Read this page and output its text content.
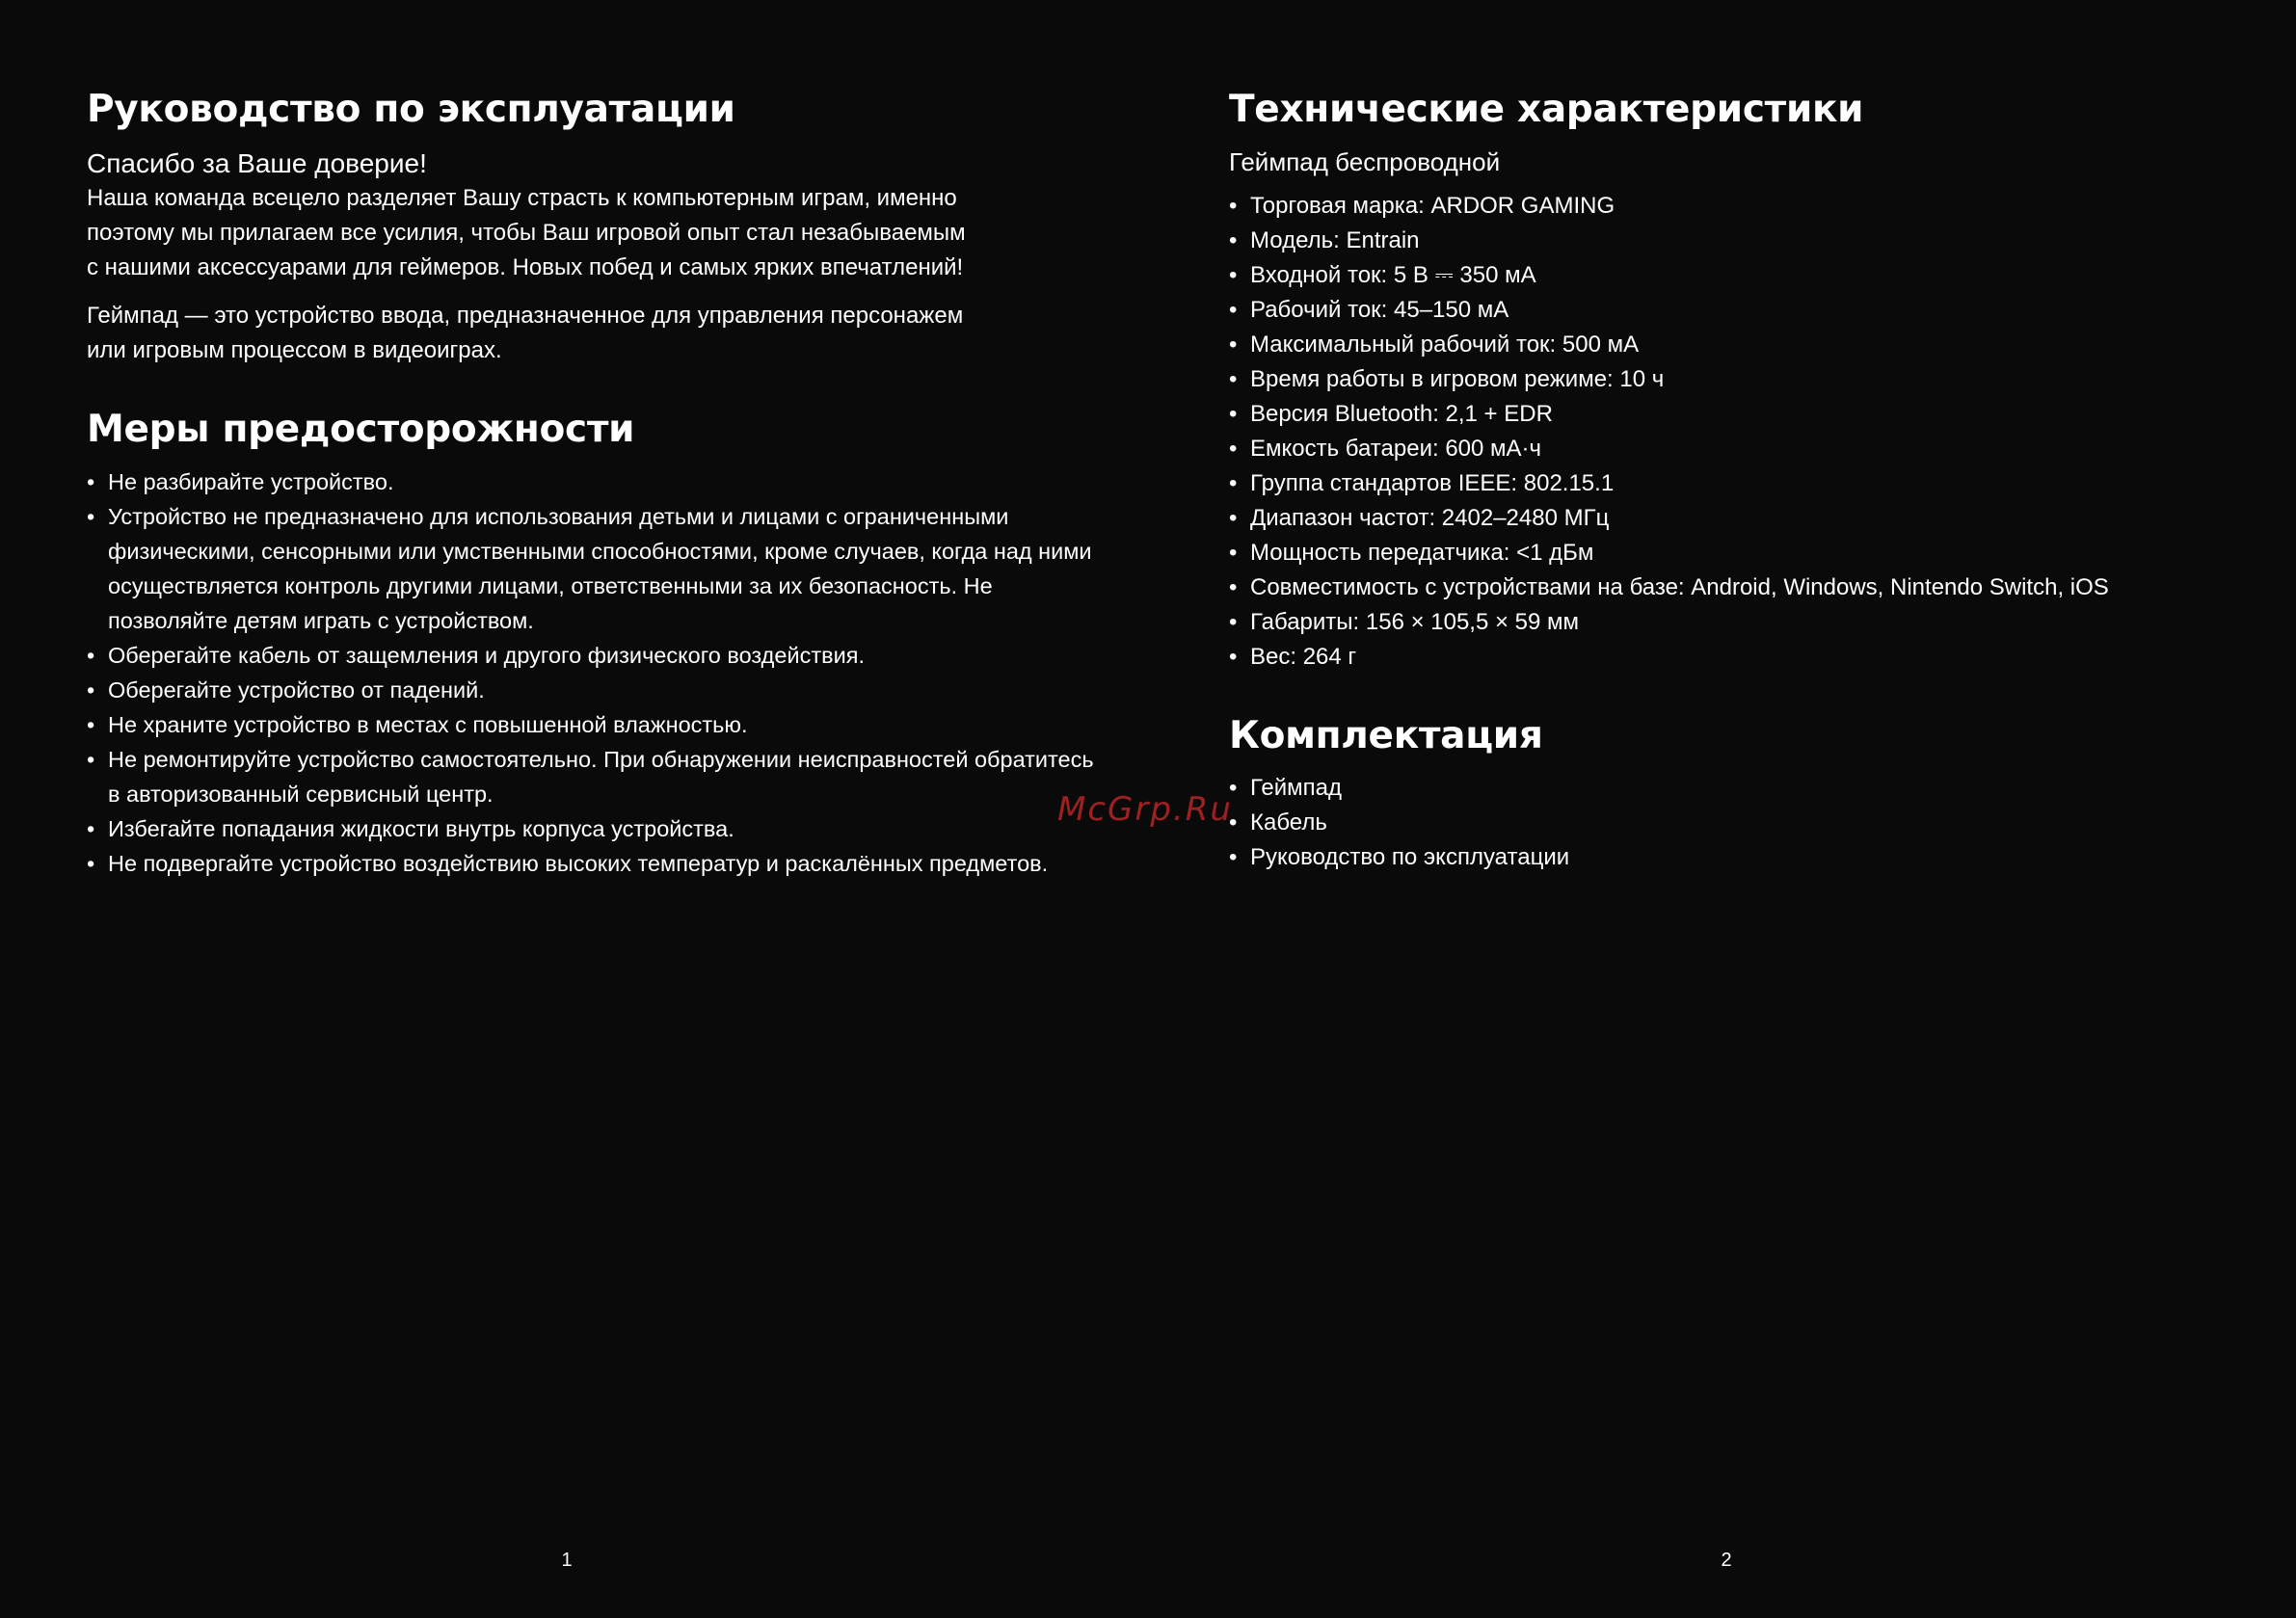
Руководство по эксплуатации

Спасибо за Ваше доверие!

Наша команда всецело разделяет Вашу страсть к компьютерным играм, именно
поэтому мы прилагаем все усилия, чтобы Ваш игровой опыт стал незабываемым
с нашими аксессуарами для геймеров. Новых побед и самых ярких впечатлений!
Геймпад — это устройство ввода, предназначенное для управления персонажем
или игровым процессом в видеоиграх.
Меры предосторожности
• Не разбирайте устройство.
• Устройство не предназначено для использования детьми и лицами с ограниченными физическими, сенсорными или умственными способностями, кроме случаев, когда над ними осуществляется контроль другими лицами, ответственными за их безопасность. Не позволяйте детям играть с устройством.
• Оберегайте кабель от защемления и другого физического воздействия.
• Оберегайте устройство от падений.
• Не храните устройство в местах с повышенной влажностью.
• Не ремонтируйте устройство самостоятельно. При обнаружении неисправностей обратитесь в авторизованный сервисный центр.
• Избегайте попадания жидкости внутрь корпуса устройства.
• Не подвергайте устройство воздействию высоких температур и раскалённых предметов.
1
Технические характеристики

Геймпад беспроводной

• Торговая марка: ARDOR GAMING
• Модель: Entrain
• Входной ток: 5 В ⎓ 350 мА
• Рабочий ток: 45–150 мА
• Максимальный рабочий ток: 500 мА
• Время работы в игровом режиме: 10 ч
• Версия Bluetooth: 2,1 + EDR
• Емкость батареи: 600 мА·ч
• Группа стандартов IEEE: 802.15.1
• Диапазон частот: 2402–2480 МГц
• Мощность передатчика: <1 дБм
• Совместимость с устройствами на базе: Android, Windows, Nintendo Switch, iOS
• Габариты: 156 × 105,5 × 59 мм
• Вес: 264 г
Комплектация
• Геймпад
• Кабель
• Руководство по эксплуатации
2
McGrp.Ru
